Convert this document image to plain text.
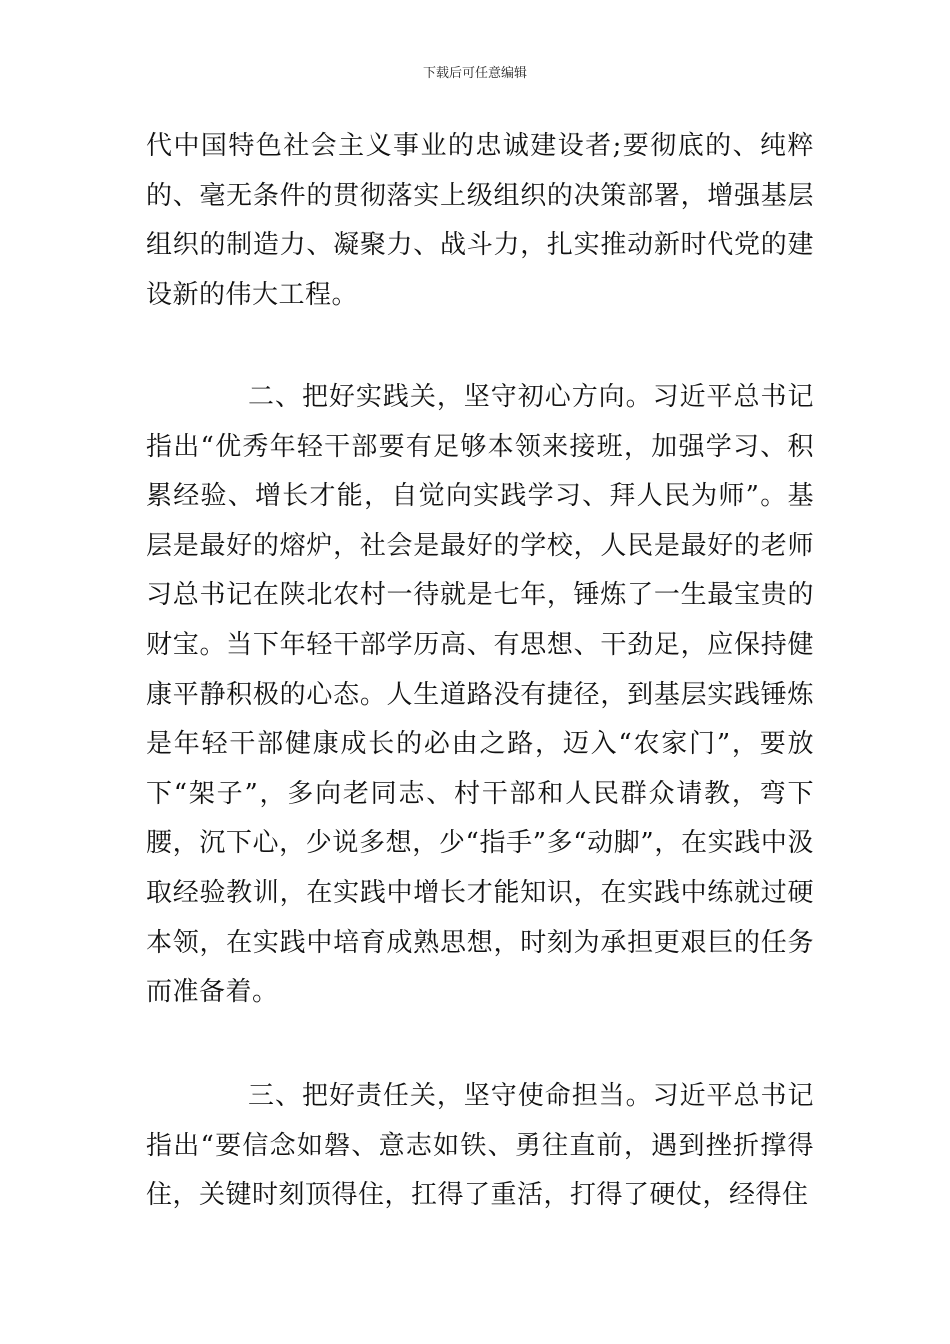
下载后可任意编辑

代中国特色社会主义事业的忠诚建设者;要彻底的、纯粹的、毫无条件的贯彻落实上级组织的决策部署，增强基层组织的制造力、凝聚力、战斗力，扎实推动新时代党的建设新的伟大工程。

二、把好实践关，坚守初心方向。习近平总书记指出“优秀年轻干部要有足够本领来接班，加强学习、积累经验、增长才能，自觉向实践学习、拜人民为师”。基层是最好的熔炉，社会是最好的学校，人民是最好的老师习总书记在陕北农村一待就是七年，锤炼了一生最宝贵的财宝。当下年轻干部学历高、有思想、干劲足，应保持健康平静积极的心态。人生道路没有捷径，到基层实践锤炼是年轻干部健康成长的必由之路，迈入“农家门”，要放下“架子”，多向老同志、村干部和人民群众请教，弯下腰，沉下心，少说多想，少“指手”多“动脚”，在实践中汲取经验教训，在实践中增长才能知识，在实践中练就过硬本领，在实践中培育成熟思想，时刻为承担更艰巨的任务而准备着。

三、把好责任关，坚守使命担当。习近平总书记指出“要信念如磐、意志如铁、勇往直前，遇到挫折撑得住，关键时刻顶得住，扛得了重活，打得了硬仗，经得住
